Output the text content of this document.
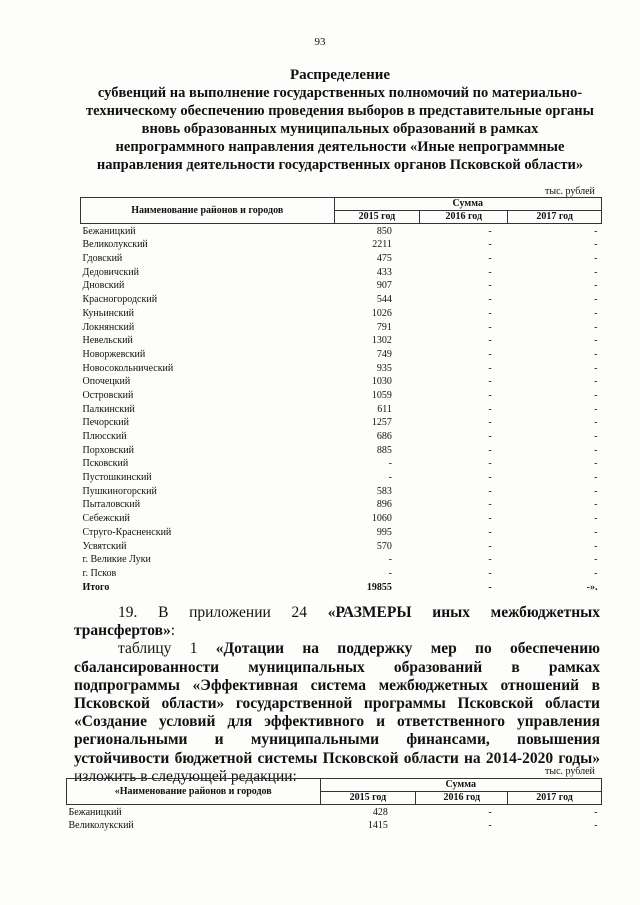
93
Распределение
субвенций на выполнение государственных полномочий по материально-
техническому обеспечению проведения выборов в представительные органы
вновь образованных муниципальных образований в рамках
непрограммного направления деятельности «Иные непрограммные
направления деятельности государственных органов Псковской области»
тыс. рублей
Наименование районов и городов	Сумма		
	2015 год	2016 год	2017 год
Бежаницкий	850	-	-
Великолукский	2211	-	-
Гдовский	475	-	-
Дедовичский	433	-	-
Дновский	907	-	-
Красногородский	544	-	-
Куньинский	1026	-	-
Локнянский	791	-	-
Невельский	1302	-	-
Новоржевский	749	-	-
Новосокольнический	935	-	-
Опочецкий	1030	-	-
Островский	1059	-	-
Палкинский	611	-	-
Печорский	1257	-	-
Плюсский	686	-	-
Порховский	885	-	-
Псковский	-	-	-
Пустошкинский	-	-	-
Пушкиногорский	583	-	-
Пыталовский	896	-	-
Себежский	1060	-	-
Струго-Красненский	995	-	-
Усвятский	570	-	-
г. Великие Луки	-	-	-
г. Псков	-	-	-
Итого	19855	-	-».

19. В приложении 24 «РАЗМЕРЫ иных межбюджетных трансфертов»:

таблицу 1 «Дотации на поддержку мер по обеспечению сбалансированности муниципальных образований в рамках подпрограммы «Эффективная система межбюджетных отношений в Псковской области» государственной программы Псковской области «Создание условий для эффективного и ответственного управления региональными и муниципальными финансами, повышения устойчивости бюджетной системы Псковской области на 2014-2020 годы» изложить в следующей редакции:	тыс. рублей
«Наименование районов и городов	Сумма		
	2015 год	2016 год	2017 год
Бежаницкий	428	-	-
Великолукский	1415	-	-
